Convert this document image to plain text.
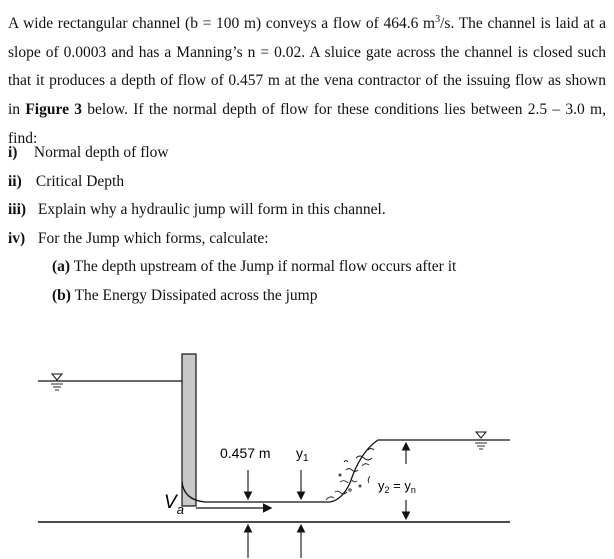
A wide rectangular channel (b = 100 m) conveys a flow of 464.6 $m^3/s$. The channel is laid at a slope of 0.0003 and has a Manning’s n = 0.02. A sluice gate across the channel is closed such that it produces a depth of flow of 0.457 m at the vena contractor of the issuing flow as shown in Figure 3 below. If the normal depth of flow for these conditions lies between 2.5 – 3.0 m, find:

i) Normal depth of flow
ii) Critical Depth
iii) Explain why a hydraulic jump will form in this channel.
iv) For the Jump which forms, calculate:
(a) The depth upstream of the Jump if normal flow occurs after it
(b) The Energy Dissipated across the jump
0.457 m $y_1$
$y_2 = y_n$
$V_a$
